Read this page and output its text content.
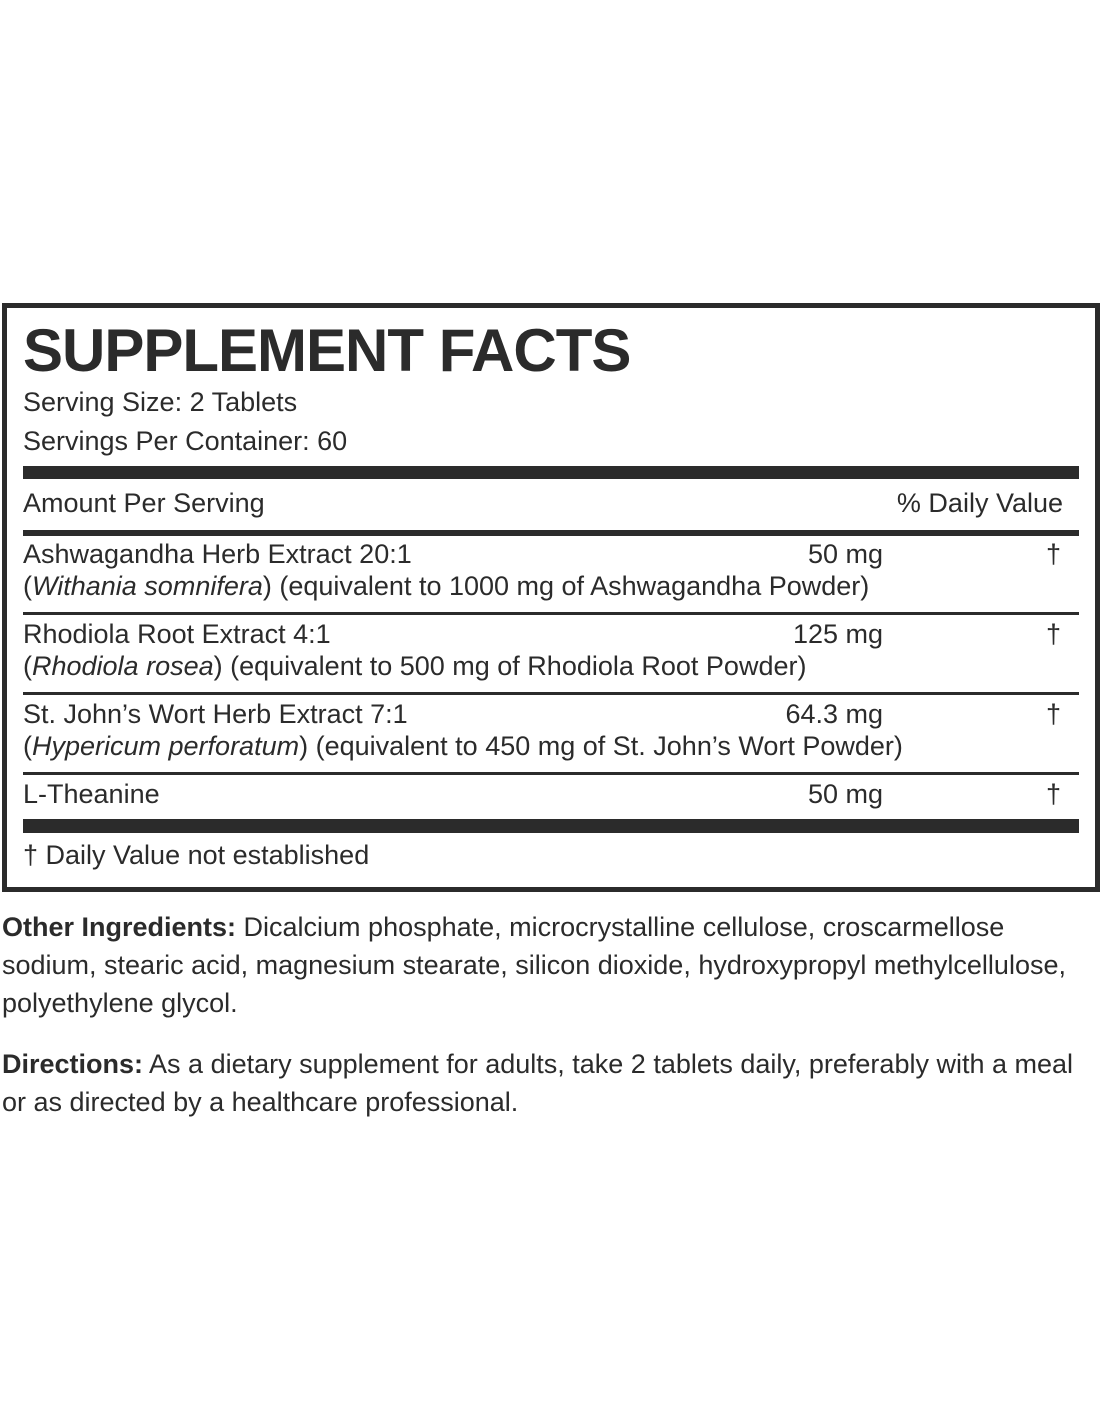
SUPPLEMENT FACTS
Serving Size: 2 Tablets
Servings Per Container: 60
Amount Per Serving	% Daily Value
Ashwagandha Herb Extract 20:1	50 mg	†
(Withania somnifera) (equivalent to 1000 mg of Ashwagandha Powder)
Rhodiola Root Extract 4:1	125 mg	†
(Rhodiola rosea) (equivalent to 500 mg of Rhodiola Root Powder)
St. John’s Wort Herb Extract 7:1	64.3 mg	†
(Hypericum perforatum) (equivalent to 450 mg of St. John’s Wort Powder)
L-Theanine	50 mg	†
† Daily Value not established
Other Ingredients: Dicalcium phosphate, microcrystalline cellulose, croscarmellose sodium, stearic acid, magnesium stearate, silicon dioxide, hydroxypropyl methylcellulose, polyethylene glycol.
Directions: As a dietary supplement for adults, take 2 tablets daily, preferably with a meal or as directed by a healthcare professional.
